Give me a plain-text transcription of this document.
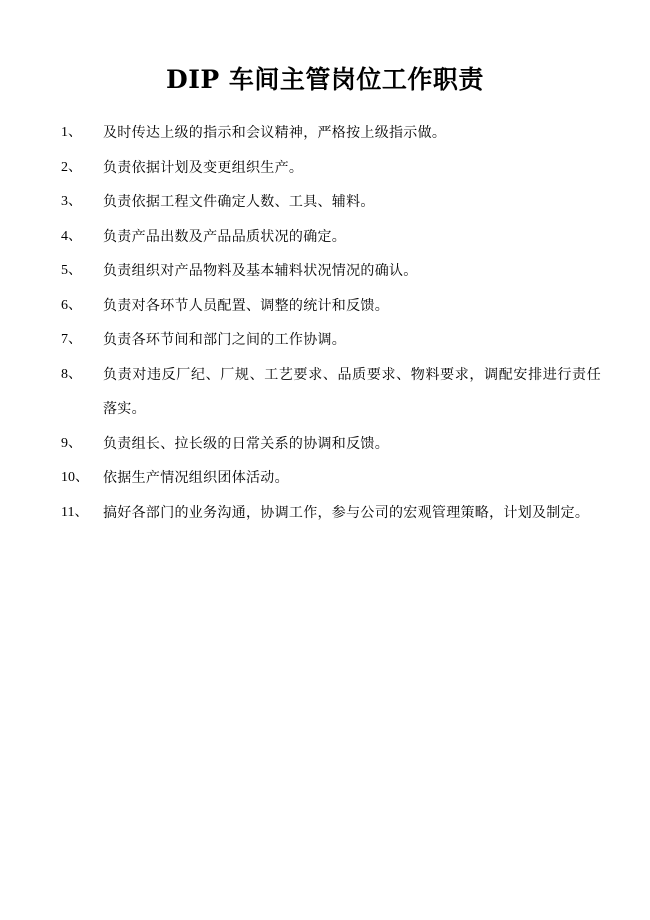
DIP 车间主管岗位工作职责
1、	及时传达上级的指示和会议精神，严格按上级指示做。
2、	负责依据计划及变更组织生产。
3、	负责依据工程文件确定人数、工具、辅料。
4、	负责产品出数及产品品质状况的确定。
5、	负责组织对产品物料及基本辅料状况情况的确认。
6、	负责对各环节人员配置、调整的统计和反馈。
7、	负责各环节间和部门之间的工作协调。
8、	负责对违反厂纪、厂规、工艺要求、品质要求、物料要求，调配安排进行责任落实。
9、	负责组长、拉长级的日常关系的协调和反馈。
10、	依据生产情况组织团体活动。
11、	搞好各部门的业务沟通，协调工作，参与公司的宏观管理策略，计划及制定。
